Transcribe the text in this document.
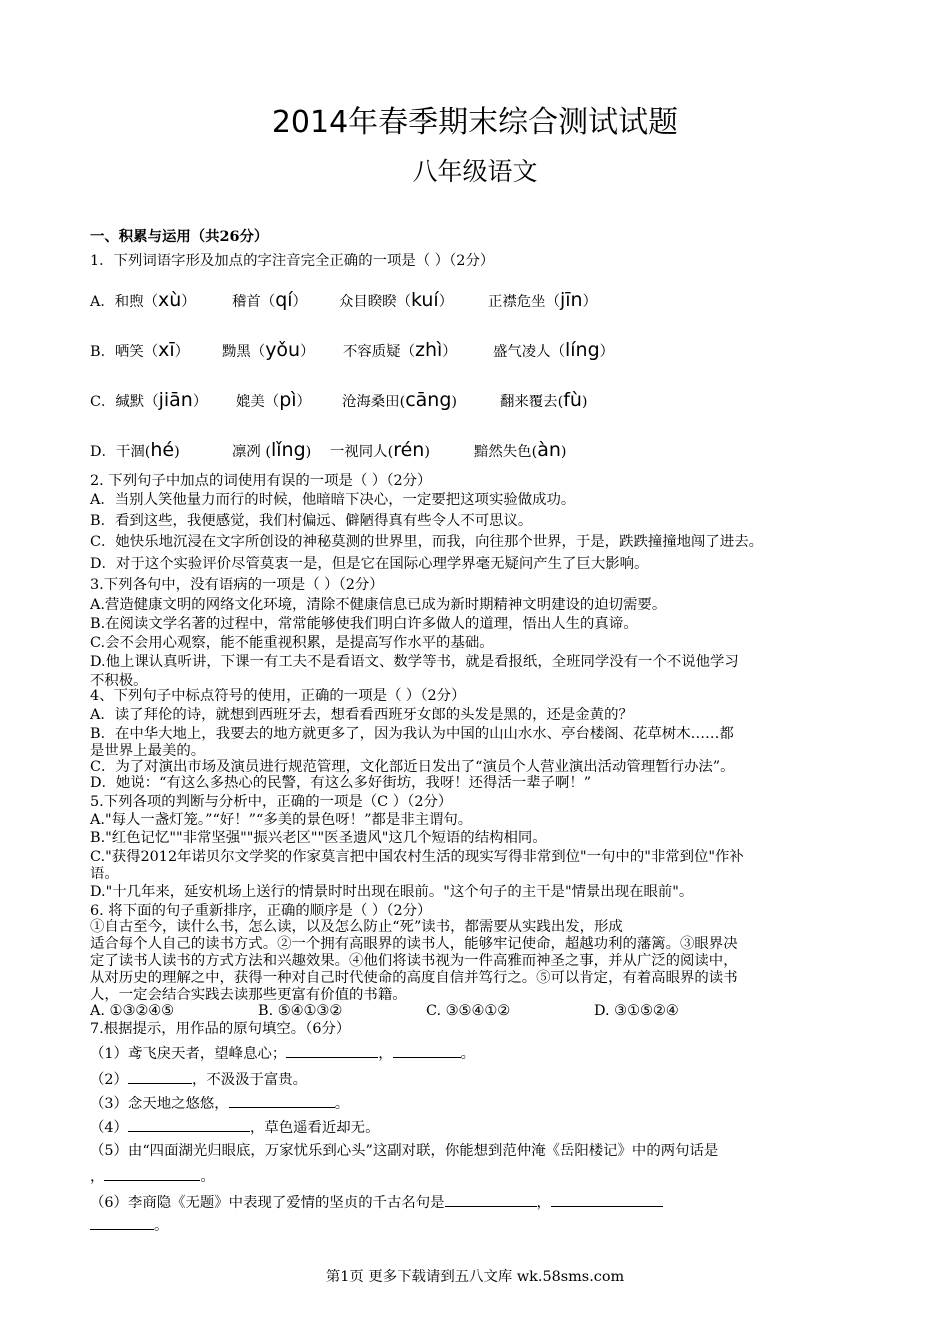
2014年春季期末综合测试试题
八年级语文
一、积累与运用（共26分）
1．下列词语字形及加点的字注音完全正确的一项是（ ）（2分）
A．和煦（xù）	稽首（qí） 众目睽睽（kuí） 正襟危坐（jīn）
B．哂笑（xī） 黝黑（yǒu） 不容质疑（zhì）	盛气凌人（líng）
C．缄默（jiān） 媲美（pì） 沧海桑田(cāng)	翻来覆去(fù)
D．干涸(hé)	凛冽 (lǐng) 一视同人(rén)	黯然失色(àn)
2. 下列句子中加点的词使用有误的一项是（ ）（2分）
A．当别人笑他量力而行的时候，他暗暗下决心，一定要把这项实验做成功。
B．看到这些，我便感觉，我们村偏远、僻陋得真有些令人不可思议。
C．她快乐地沉浸在文字所创设的神秘莫测的世界里，而我，向往那个世界，于是，跌跌撞撞地闯了进去。
D．对于这个实验评价尽管莫衷一是，但是它在国际心理学界毫无疑问产生了巨大影响。
3.下列各句中，没有语病的一项是（ ）（2分）
A.营造健康文明的网络文化环境，清除不健康信息已成为新时期精神文明建设的迫切需要。
B.在阅读文学名著的过程中，常常能够使我们明白许多做人的道理，悟出人生的真谛。
C.会不会用心观察，能不能重视积累，是提高写作水平的基础。
D.他上课认真听讲，下课一有工夫不是看语文、数学等书，就是看报纸，全班同学没有一个不说他学习
不积极。
4、下列句子中标点符号的使用，正确的一项是（ ）（2分）
A．读了拜伦的诗，就想到西班牙去，想看看西班牙女郎的头发是黑的，还是金黄的？
B．在中华大地上，我要去的地方就更多了，因为我认为中国的山山水水、亭台楼阁、花草树木……都
是世界上最美的。
C．为了对演出市场及演员进行规范管理，文化部近日发出了“演员个人营业演出活动管理暂行办法”。
D．她说：“有这么多热心的民警，有这么多好街坊，我呀！还得活一辈子啊！”
5.下列各项的判断与分析中，正确的一项是（C ）（2分）
A."每人一盏灯笼。”“好！”“多美的景色呀！”都是非主谓句。
B."红色记忆""非常坚强""振兴老区""医圣遗风"这几个短语的结构相同。
C."获得2012年诺贝尔文学奖的作家莫言把中国农村生活的现实写得非常到位"一句中的"非常到位"作补
语。
D."十几年来，延安机场上送行的情景时时出现在眼前。"这个句子的主干是"情景出现在眼前"。
6. 将下面的句子重新排序，正确的顺序是（ ）（2分）
①自古至今，读什么书，怎么读，以及怎么防止“死”读书，都需要从实践出发，形成
适合每个人自己的读书方式。②一个拥有高眼界的读书人，能够牢记使命，超越功利的藩篱。③眼界决
定了读书人读书的方式方法和兴趣效果。④他们将读书视为一件高雅而神圣之事，并从广泛的阅读中，
从对历史的理解之中，获得一种对自己时代使命的高度自信并笃行之。⑤可以肯定，有着高眼界的读书
人，一定会结合实践去读那些更富有价值的书籍。
A. ①③②④⑤	B. ⑤④①③②	C. ③⑤④①②	D. ③①⑤②④
7.根据提示，用作品的原句填空。（6分）
（1）鸢飞戾天者，望峰息心；	，	。
（2）	，不汲汲于富贵。
（3）念天地之悠悠，	。
（4）	，草色遥看近却无。
（5）由“四面湖光归眼底，万家忧乐到心头”这副对联，你能想到范仲淹《岳阳楼记》中的两句话是
，	。
（6）李商隐《无题》中表现了爱情的坚贞的千古名句是	，
。
第1页 更多下载请到五八文库 wk.58sms.com
